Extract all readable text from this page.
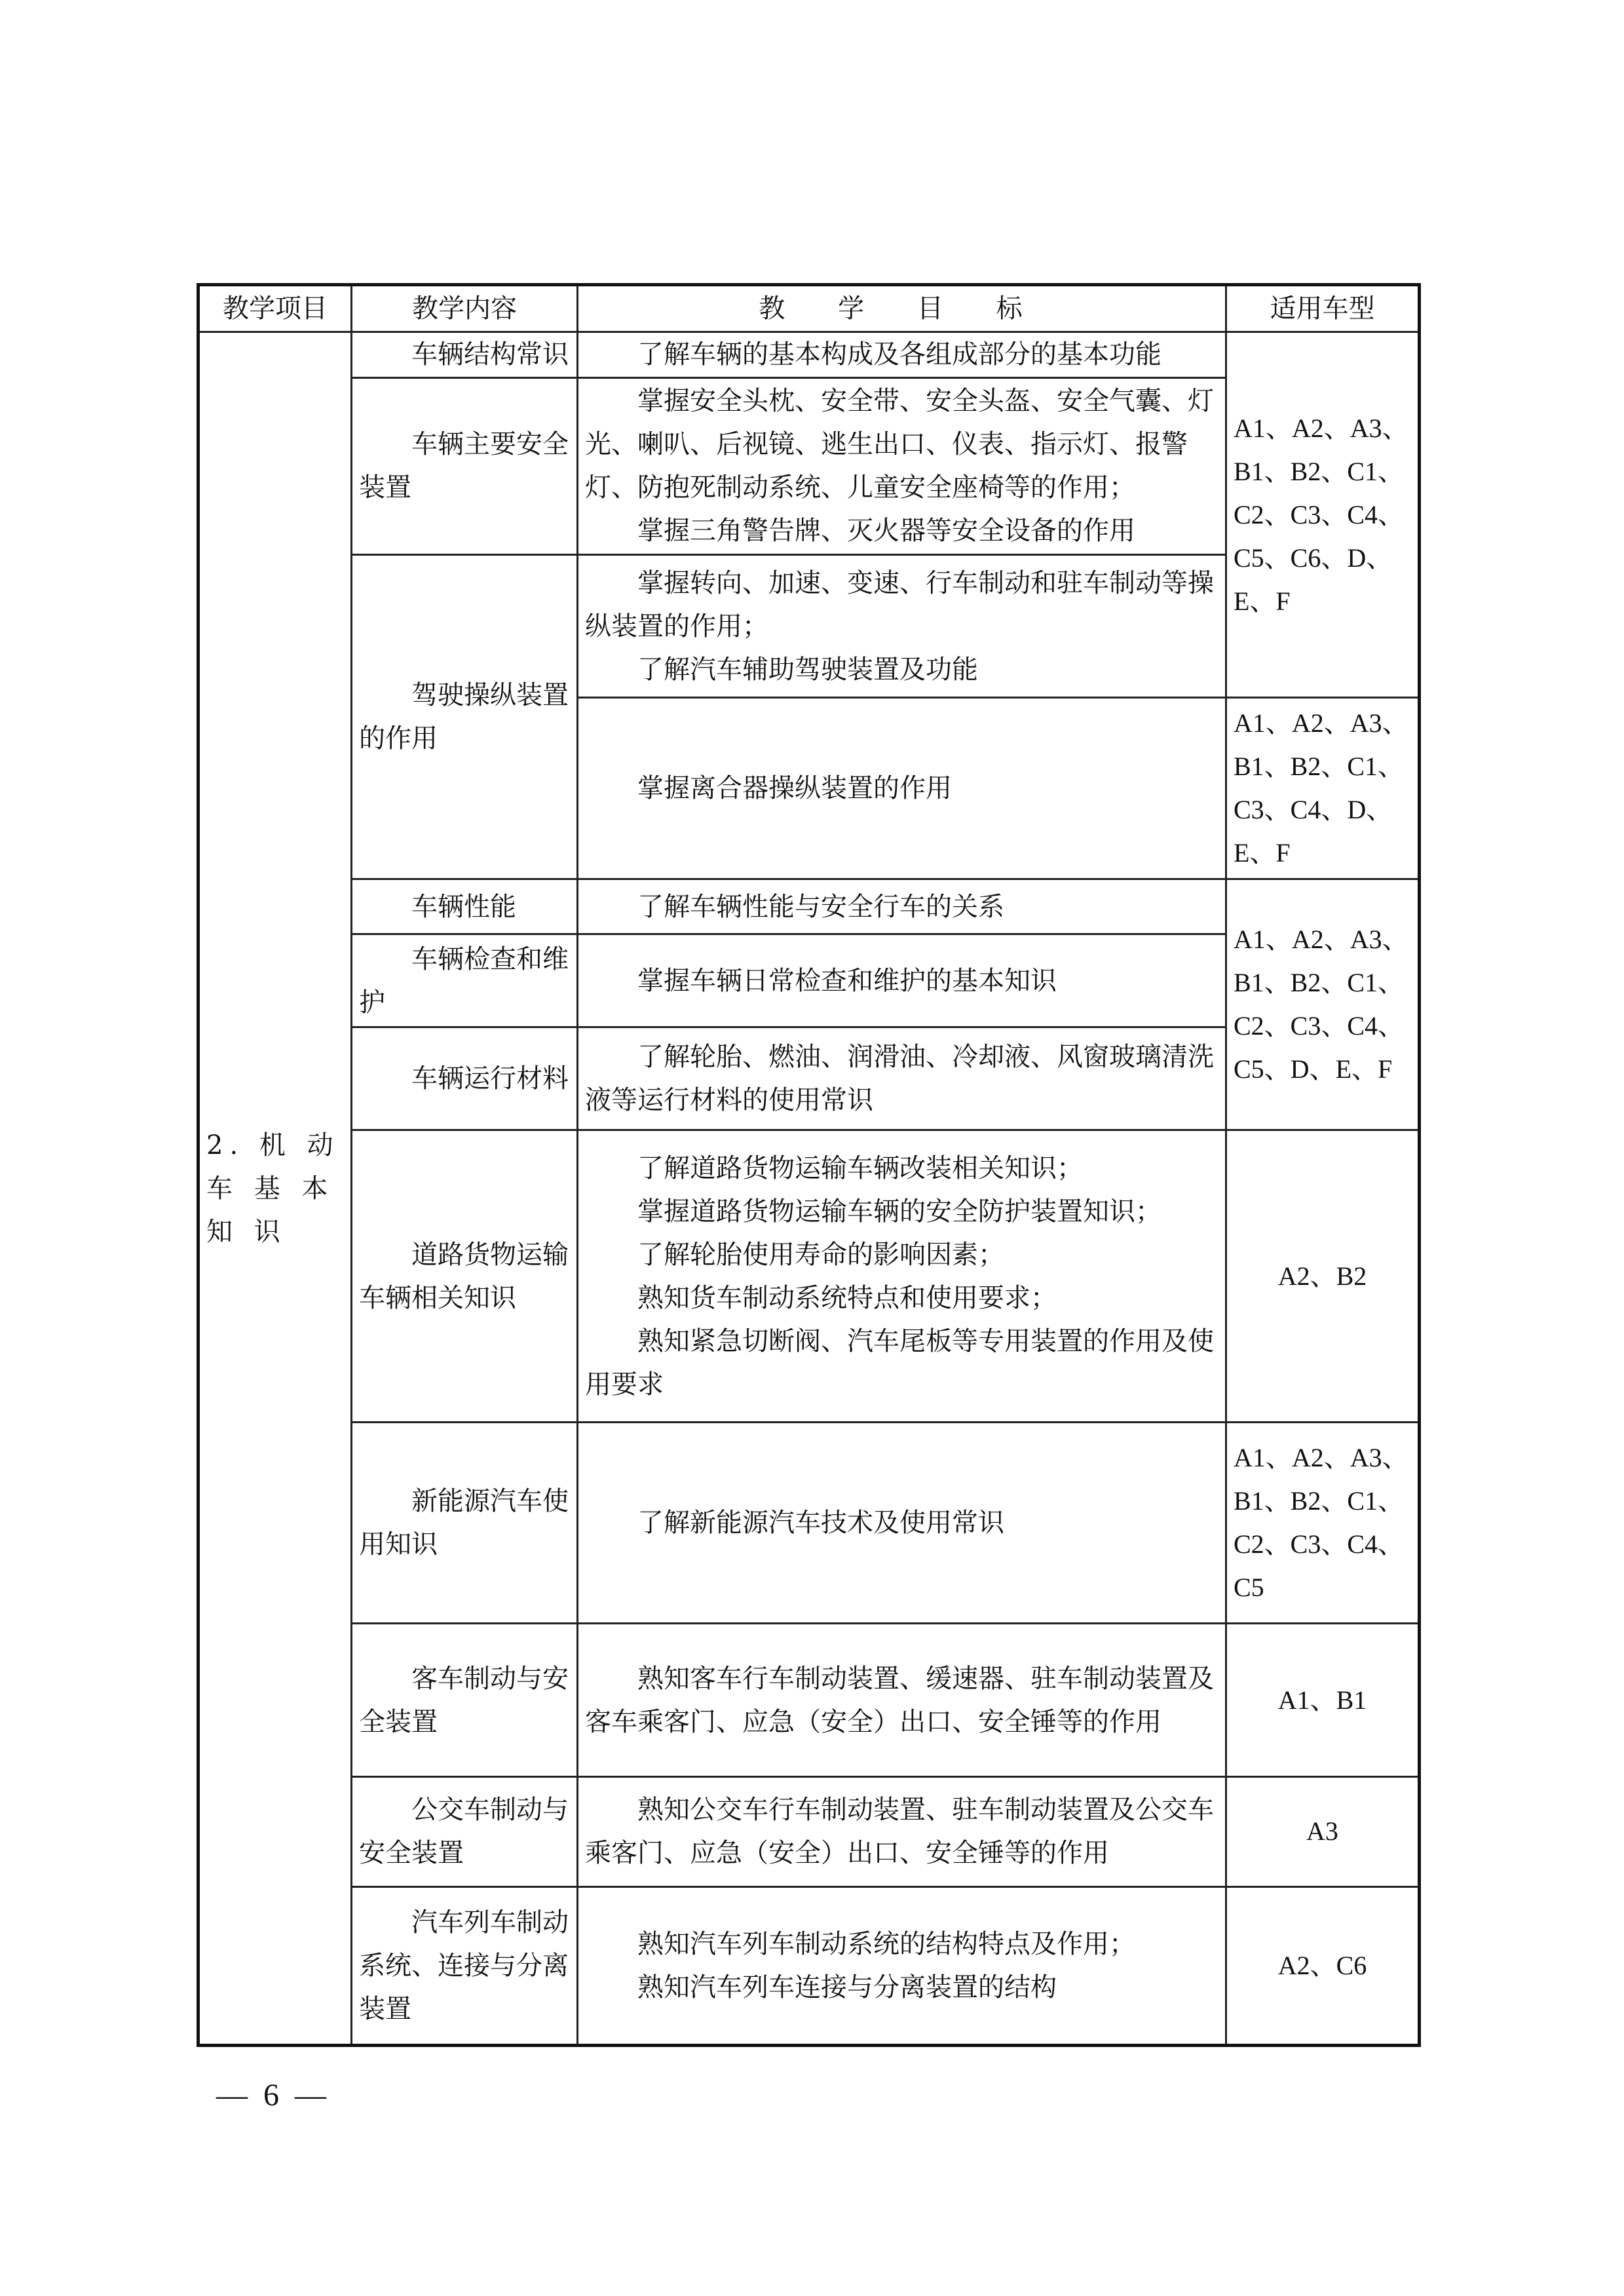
教学项目	教学内容	教 学 目 标	适用车型
2. 机 动 车 基 本 知 识	车辆结构常识	了解车辆的基本构成及各组成部分的基本功能	A1、A2、A3、B1、B2、C1、C2、C3、C4、C5、C6、D、E、F

	车辆主要安全装置	掌握安全头枕、安全带、安全头盔、安全气囊、灯光、喇叭、后视镜、逃生出口、仪表、指示灯、报警灯、防抱死制动系统、儿童安全座椅等的作用；
掌握三角警告牌、灭火器等安全设备的作用	

	驾驶操纵装置的作用	掌握转向、加速、变速、行车制动和驻车制动等操纵装置的作用；
了解汽车辅助驾驶装置及功能	

		掌握离合器操纵装置的作用	A1、A2、A3、B1、B2、C1、C3、C4、D、E、F

	车辆性能	了解车辆性能与安全行车的关系	A1、A2、A3、B1、B2、C1、C2、C3、C4、C5、D、E、F

	车辆检查和维护	掌握车辆日常检查和维护的基本知识	

	车辆运行材料	了解轮胎、燃油、润滑油、冷却液、风窗玻璃清洗液等运行材料的使用常识	

	道路货物运输车辆相关知识	了解道路货物运输车辆改装相关知识；
掌握道路货物运输车辆的安全防护装置知识；
了解轮胎使用寿命的影响因素；
熟知货车制动系统特点和使用要求；
熟知紧急切断阀、汽车尾板等专用装置的作用及使用要求	A2、B2

	新能源汽车使用知识	了解新能源汽车技术及使用常识	A1、A2、A3、B1、B2、C1、C2、C3、C4、C5

	客车制动与安全装置	熟知客车行车制动装置、缓速器、驻车制动装置及客车乘客门、应急（安全）出口、安全锤等的作用	A1、B1

	公交车制动与安全装置	熟知公交车行车制动装置、驻车制动装置及公交车乘客门、应急（安全）出口、安全锤等的作用	A3

	汽车列车制动系统、连接与分离装置	熟知汽车列车制动系统的结构特点及作用；
熟知汽车列车连接与分离装置的结构	A2、C6
— 6 —
